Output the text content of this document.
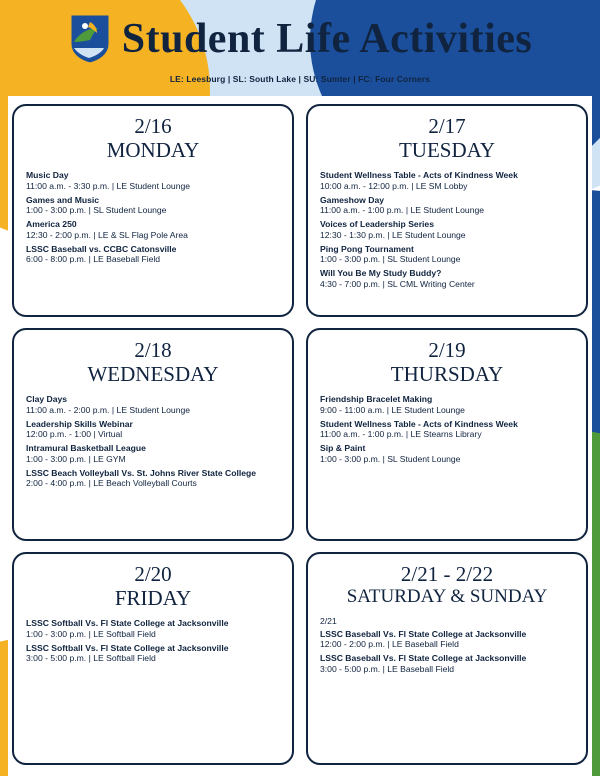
Student Life Activities
LE: Leesburg | SL: South Lake | SU: Sumter | FC: Four Corners
2/16
MONDAY
Music Day
11:00 a.m. - 3:30 p.m. | LE Student Lounge
Games and Music
1:00 - 3:00 p.m. | SL Student Lounge
America 250
12:30 - 2:00 p.m. | LE & SL Flag Pole Area
LSSC Baseball vs. CCBC Catonsville
6:00 - 8:00 p.m. | LE Baseball Field
2/17
TUESDAY
Student Wellness Table - Acts of Kindness Week
10:00 a.m. - 12:00 p.m. | LE SM Lobby
Gameshow Day
11:00 a.m. - 1:00 p.m. | LE Student Lounge
Voices of Leadership Series
12:30 - 1:30 p.m. | LE Student Lounge
Ping Pong Tournament
1:00 - 3:00 p.m. | SL Student Lounge
Will You Be My Study Buddy?
4:30 - 7:00 p.m. | SL CML Writing Center
2/18
WEDNESDAY
Clay Days
11:00 a.m. - 2:00 p.m. | LE Student Lounge
Leadership Skills Webinar
12:00 p.m. - 1:00 | Virtual
Intramural Basketball League
1:00 - 3:00 p.m. | LE GYM
LSSC Beach Volleyball Vs. St. Johns River State College
2:00 - 4:00 p.m. | LE Beach Volleyball Courts
2/19
THURSDAY
Friendship Bracelet Making
9:00 - 11:00 a.m. | LE Student Lounge
Student Wellness Table - Acts of Kindness Week
11:00 a.m. - 1:00 p.m. | LE Stearns Library
Sip & Paint
1:00 - 3:00 p.m. | SL Student Lounge
2/20
FRIDAY
LSSC Softball Vs. Fl State College at Jacksonville
1:00 - 3:00 p.m. | LE Softball Field
LSSC Softball Vs. Fl State College at Jacksonville
3:00 - 5:00 p.m. | LE Softball Field
2/21 - 2/22
SATURDAY & SUNDAY
2/21
LSSC Baseball Vs. Fl State College at Jacksonville
12:00 - 2:00 p.m. | LE Baseball Field
LSSC Baseball Vs. Fl State College at Jacksonville
3:00 - 5:00 p.m. | LE Baseball Field
